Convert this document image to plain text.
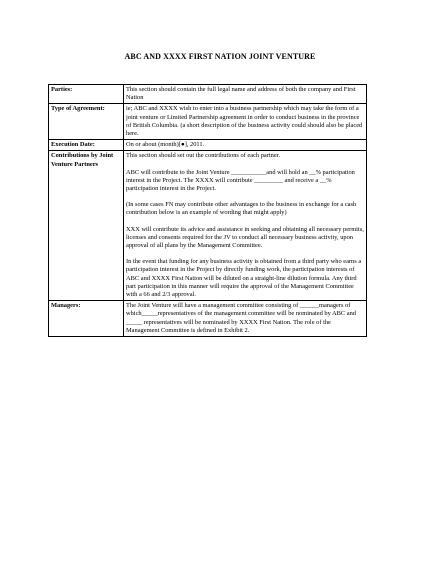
ABC AND XXXX FIRST NATION JOINT VENTURE
Parties:	This section should contain the full legal name and address of both the company and First Nation

Type of Agreement:	ie; ABC and XXXX wish to enter into a business partnership which may take the form of a joint venture or Limited Partnership agreement in order to conduct business in the province of British Columbia. (a short description of the business activity could should also be placed here.

Execution Date:	On or about (month)[●], 2011.

Contributions by Joint Venture Partners	This section should set out the contributions of each partner.

ABC will contribute to the Joint Venture ___________and will hold an __% participation interest in the Project. The XXXX will contribute _________ and receive a __% participation interest in the Project.

(In some cases FN may contribute other advantages to the business in exchange for a cash contribution below is an example of wording that might apply)

XXX will contribute its advice and assistance in seeking and obtaining all necessary permits, licenses and consents required for the JV to conduct all necessary business activity, upon approval of all plans by the Management Committee.

In the event that funding for any business activity is obtained from a third party who earns a participation interest in the Project by directly funding work, the participation interests of ABC and XXXX First Nation will be diluted on a straight-line dilution formula. Any third part participation in this manner will require the approval of the Management Committee with a 66 and 2/3 approval.

Managers:	The Joint Venture will have a management committee consisting of ______managers of which_____representatives of the management committee will be nominated by ABC and _____ representatives will be nominated by XXXX First Nation. The role of the Management Committee is defined in Exhibit 2.
